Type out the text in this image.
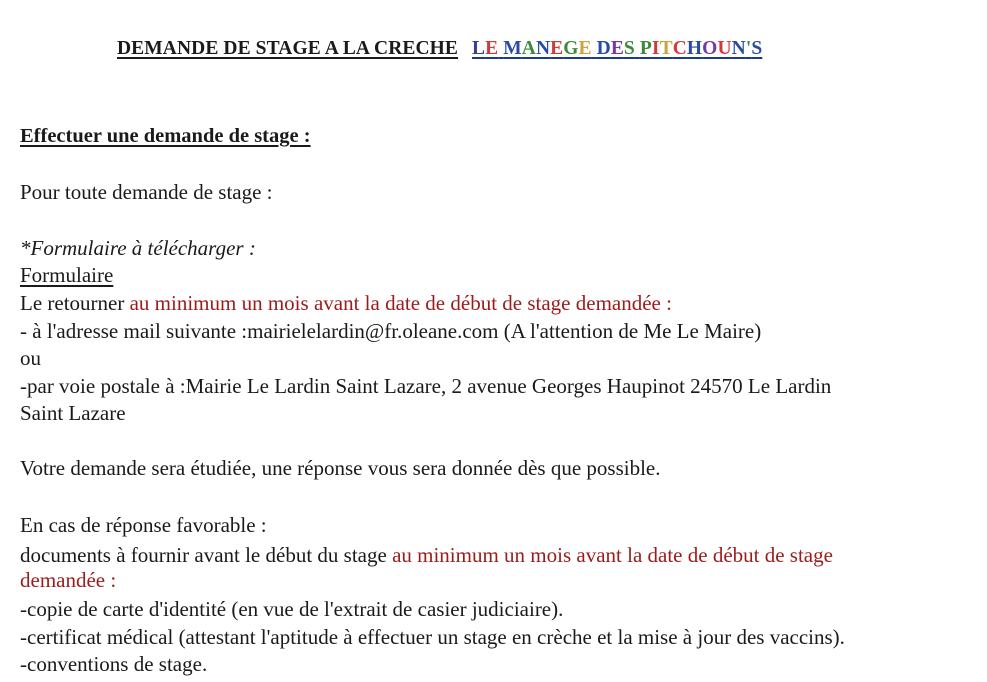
DEMANDE DE STAGE A LA CRECHE LE MANEGE DES PITCHOUN'S
Effectuer une demande de stage :
Pour toute demande de stage :
*Formulaire à télécharger :
Formulaire
Le retourner au minimum un mois avant la date de début de stage demandée :
- à l'adresse mail suivante :mairielelardin@fr.oleane.com (A l'attention de Me Le Maire)
ou
-par voie postale à :Mairie Le Lardin Saint Lazare, 2 avenue Georges Haupinot 24570 Le Lardin
Saint Lazare
Votre demande sera étudiée, une réponse vous sera donnée dès que possible.
En cas de réponse favorable :
documents à fournir avant le début du stage au minimum un mois avant la date de début de stage
demandée :
-copie de carte d'identité (en vue de l'extrait de casier judiciaire).
-certificat médical (attestant l'aptitude à effectuer un stage en crèche et la mise à jour des vaccins).
-conventions de stage.
